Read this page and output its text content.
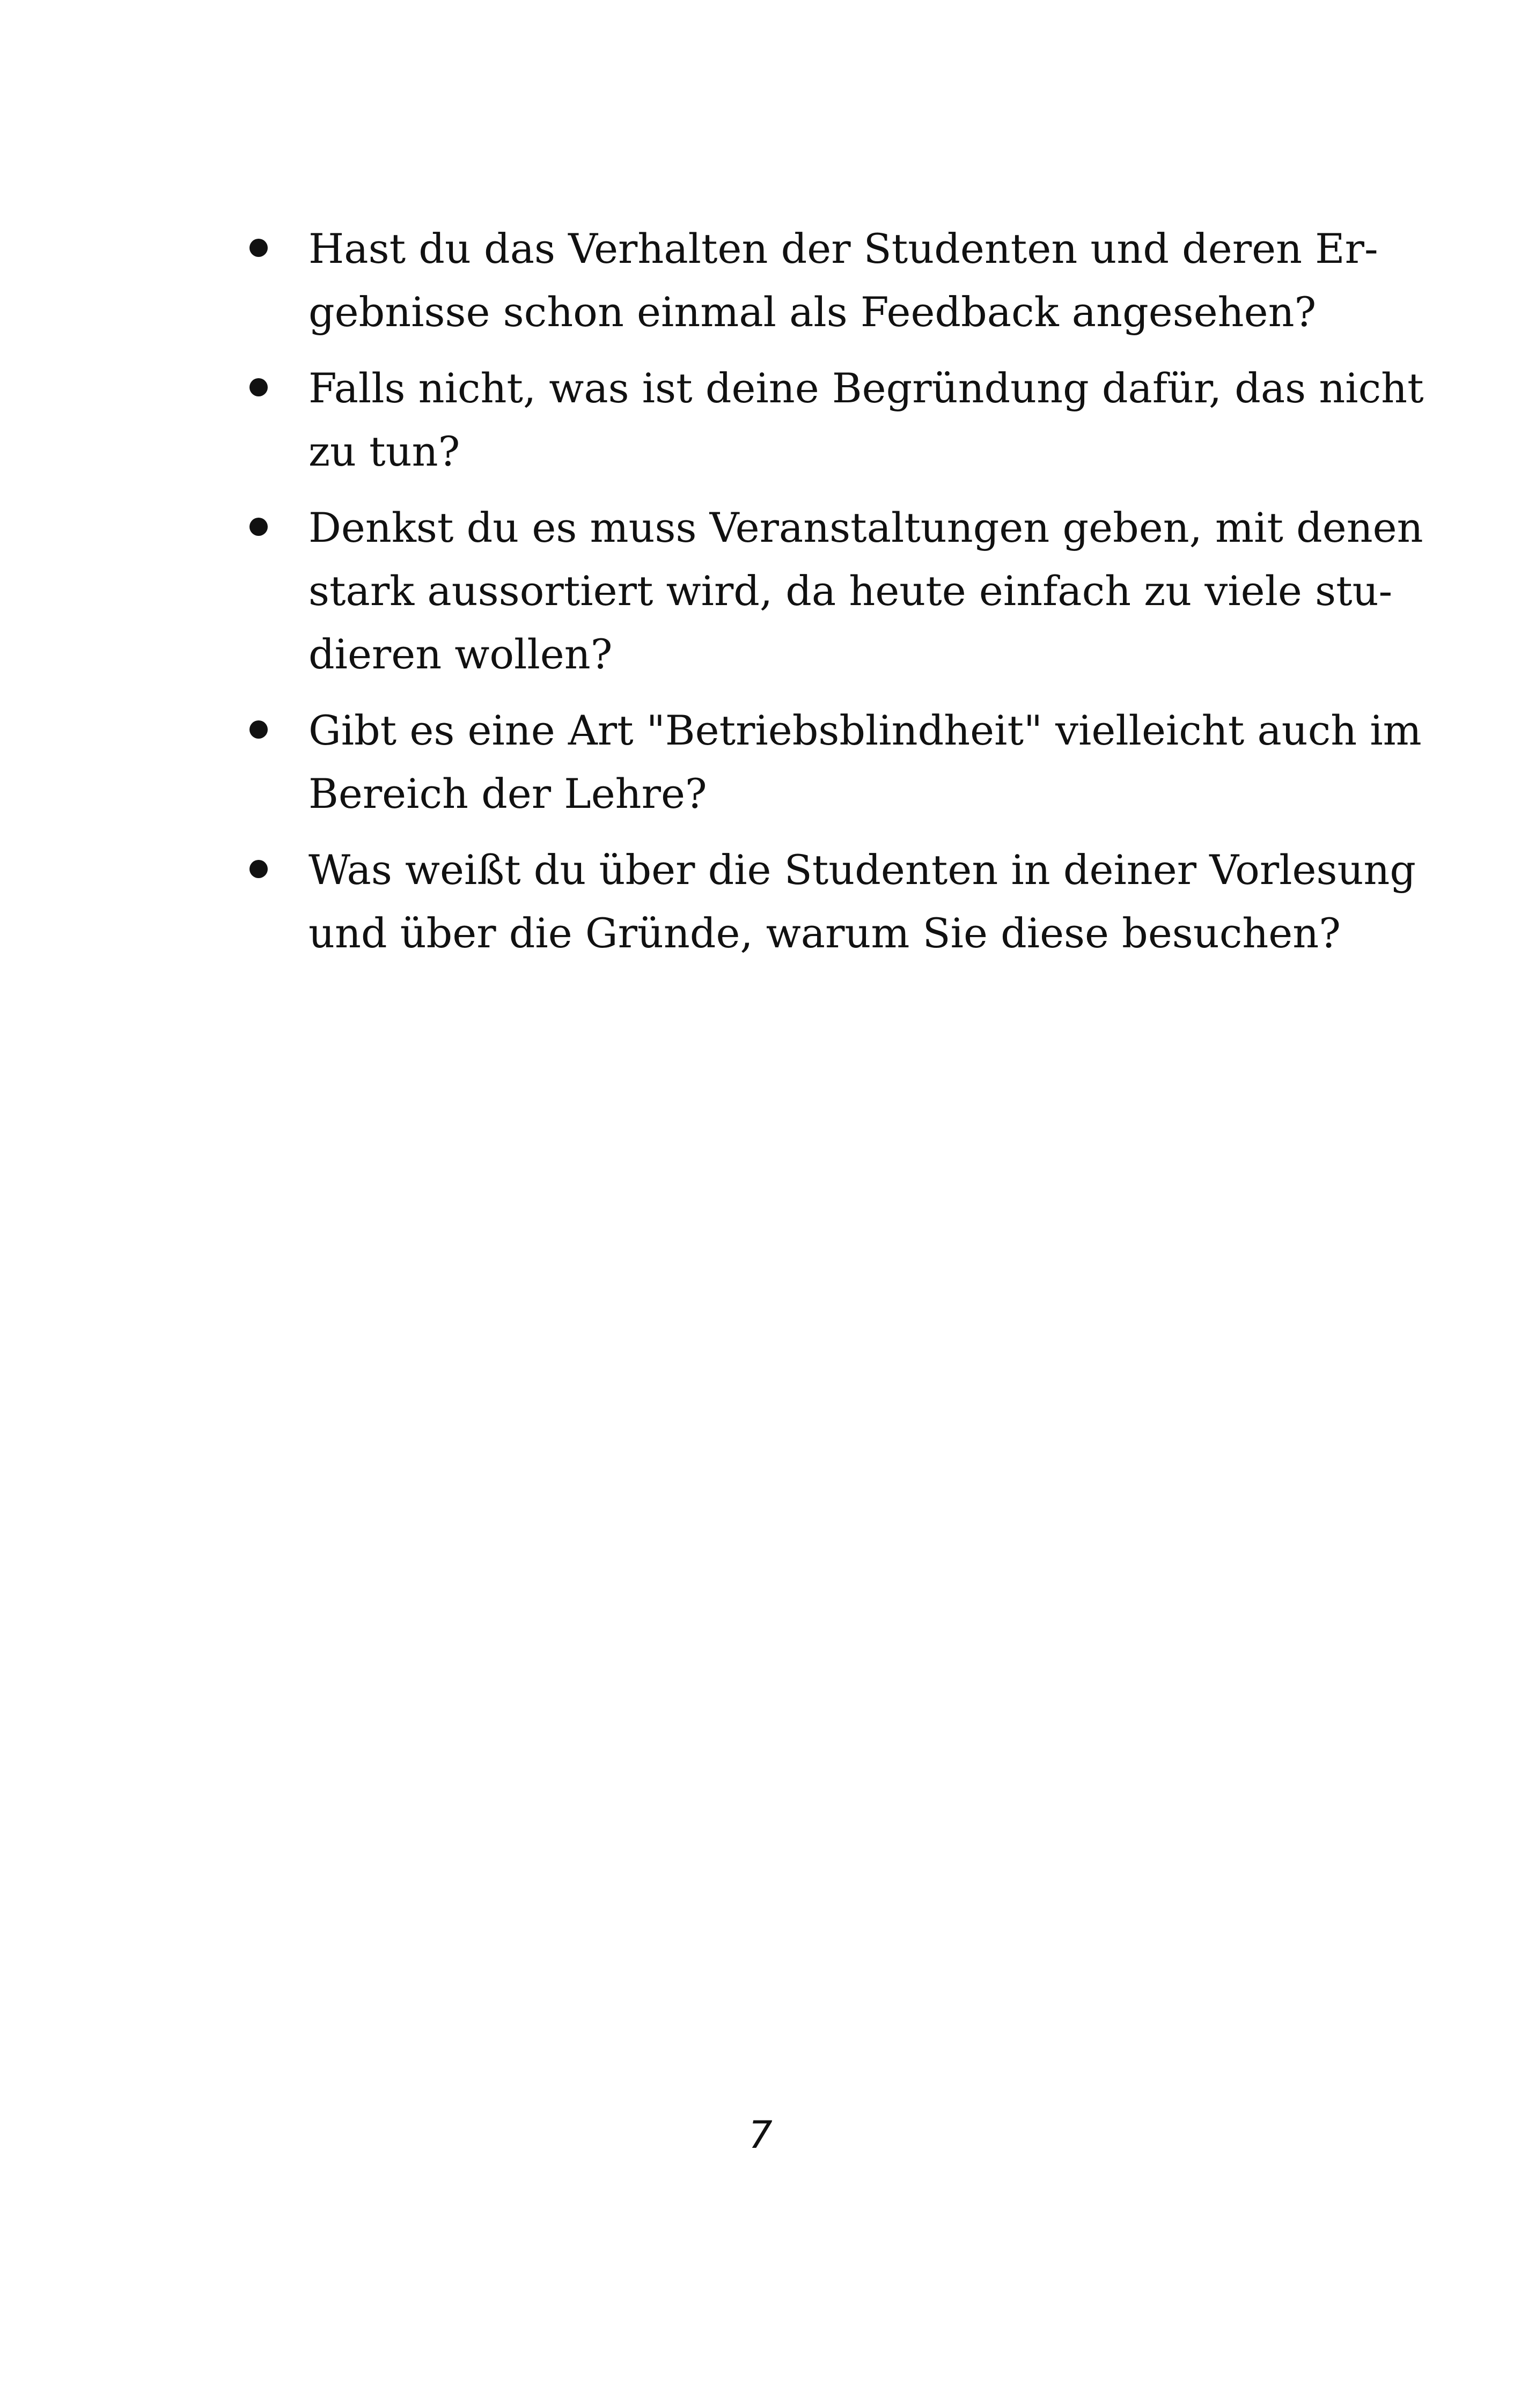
Hast du das Verhalten der Studenten und deren Er-
gebnisse schon einmal als Feedback angesehen?
Falls nicht, was ist deine Begründung dafür, das nicht
zu tun?
Denkst du es muss Veranstaltungen geben, mit denen
stark aussortiert wird, da heute einfach zu viele stu-
dieren wollen?
Gibt es eine Art "Betriebsblindheit" vielleicht auch im
Bereich der Lehre?
Was weißt du über die Studenten in deiner Vorlesung
und über die Gründe, warum Sie diese besuchen?
7
